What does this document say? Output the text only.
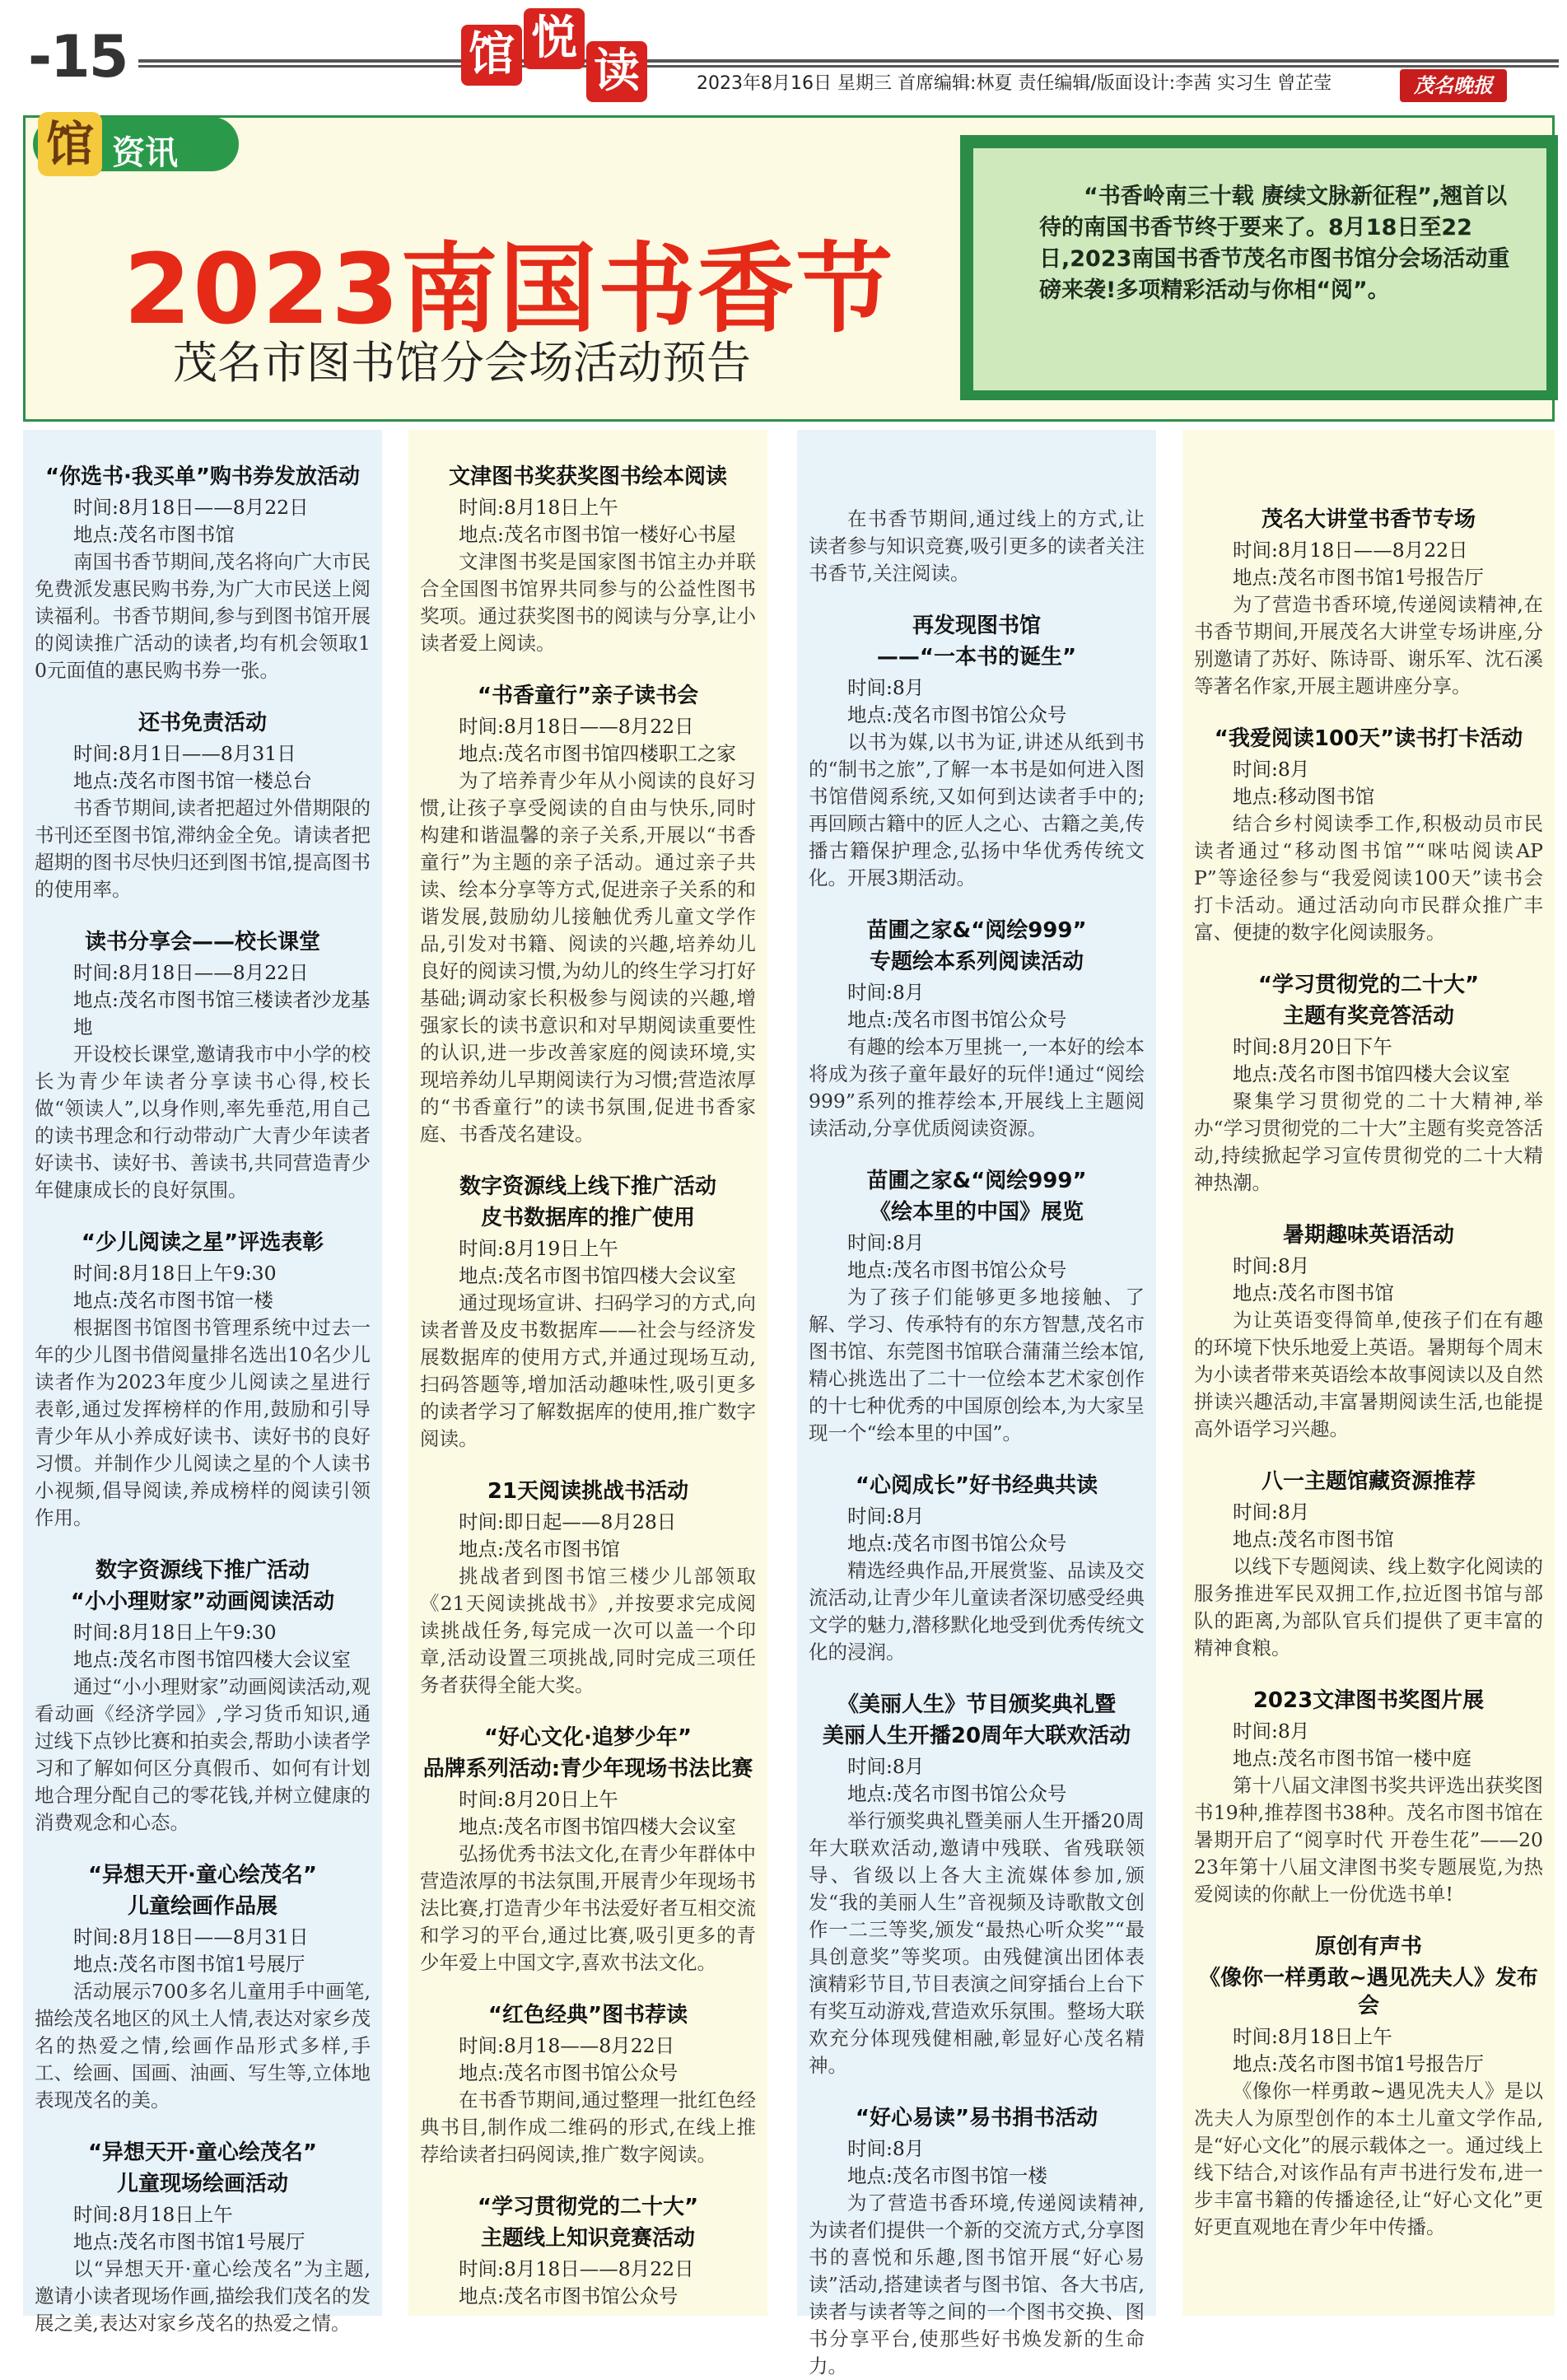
-15	馆 悦
读	2023年8月16日 星期三 首席编辑:林夏 责任编辑/版面设计:李茜 实习生 曾芷莹	茂名晚报
馆 资讯
2023南国书香节
茂名市图书馆分会场活动预告

“书香岭南三十载 赓续文脉新征程”,翘首以待的南国书香节终于要来了。8月18日至22日,2023南国书香节茂名市图书馆分会场活动重磅来袭!多项精彩活动与你相“阅”。

“你选书·我买单”购书券发放活动

时间:8月18日——8月22日

地点:茂名市图书馆

南国书香节期间,茂名将向广大市民免费派发惠民购书券,为广大市民送上阅读福利。书香节期间,参与到图书馆开展的阅读推广活动的读者,均有机会领取10元面值的惠民购书券一张。

还书免责活动

时间:8月1日——8月31日

地点:茂名市图书馆一楼总台

书香节期间,读者把超过外借期限的书刊还至图书馆,滞纳金全免。请读者把超期的图书尽快归还到图书馆,提高图书的使用率。

读书分享会——校长课堂

时间:8月18日——8月22日

地点:茂名市图书馆三楼读者沙龙基地

开设校长课堂,邀请我市中小学的校长为青少年读者分享读书心得,校长做“领读人”,以身作则,率先垂范,用自己的读书理念和行动带动广大青少年读者好读书、读好书、善读书,共同营造青少年健康成长的良好氛围。

“少儿阅读之星”评选表彰

时间:8月18日上午9:30

地点:茂名市图书馆一楼

根据图书馆图书管理系统中过去一年的少儿图书借阅量排名选出10名少儿读者作为2023年度少儿阅读之星进行表彰,通过发挥榜样的作用,鼓励和引导青少年从小养成好读书、读好书的良好习惯。并制作少儿阅读之星的个人读书小视频,倡导阅读,养成榜样的阅读引领作用。

数字资源线下推广活动
“小小理财家”动画阅读活动

时间:8月18日上午9:30

地点:茂名市图书馆四楼大会议室

通过“小小理财家”动画阅读活动,观看动画《经济学园》,学习货币知识,通过线下点钞比赛和拍卖会,帮助小读者学习和了解如何区分真假币、如何有计划地合理分配自己的零花钱,并树立健康的消费观念和心态。

“异想天开·童心绘茂名”
儿童绘画作品展

时间:8月18日——8月31日

地点:茂名市图书馆1号展厅

活动展示700多名儿童用手中画笔,描绘茂名地区的风土人情,表达对家乡茂名的热爱之情,绘画作品形式多样,手工、绘画、国画、油画、写生等,立体地表现茂名的美。

“异想天开·童心绘茂名”
儿童现场绘画活动

时间:8月18日上午

地点:茂名市图书馆1号展厅

以“异想天开·童心绘茂名”为主题,邀请小读者现场作画,描绘我们茂名的发展之美,表达对家乡茂名的热爱之情。

文津图书奖获奖图书绘本阅读

时间:8月18日上午

地点:茂名市图书馆一楼好心书屋

文津图书奖是国家图书馆主办并联合全国图书馆界共同参与的公益性图书奖项。通过获奖图书的阅读与分享,让小读者爱上阅读。

“书香童行”亲子读书会

时间:8月18日——8月22日

地点:茂名市图书馆四楼职工之家

为了培养青少年从小阅读的良好习惯,让孩子享受阅读的自由与快乐,同时构建和谐温馨的亲子关系,开展以“书香童行”为主题的亲子活动。通过亲子共读、绘本分享等方式,促进亲子关系的和谐发展,鼓励幼儿接触优秀儿童文学作品,引发对书籍、阅读的兴趣,培养幼儿良好的阅读习惯,为幼儿的终生学习打好基础;调动家长积极参与阅读的兴趣,增强家长的读书意识和对早期阅读重要性的认识,进一步改善家庭的阅读环境,实现培养幼儿早期阅读行为习惯;营造浓厚的“书香童行”的读书氛围,促进书香家庭、书香茂名建设。

数字资源线上线下推广活动
皮书数据库的推广使用

时间:8月19日上午

地点:茂名市图书馆四楼大会议室

通过现场宣讲、扫码学习的方式,向读者普及皮书数据库——社会与经济发展数据库的使用方式,并通过现场互动,扫码答题等,增加活动趣味性,吸引更多的读者学习了解数据库的使用,推广数字阅读。

21天阅读挑战书活动

时间:即日起——8月28日

地点:茂名市图书馆

挑战者到图书馆三楼少儿部领取《21天阅读挑战书》,并按要求完成阅读挑战任务,每完成一次可以盖一个印章,活动设置三项挑战,同时完成三项任务者获得全能大奖。

“好心文化·追梦少年”
品牌系列活动:青少年现场书法比赛

时间:8月20日上午

地点:茂名市图书馆四楼大会议室

弘扬优秀书法文化,在青少年群体中营造浓厚的书法氛围,开展青少年现场书法比赛,打造青少年书法爱好者互相交流和学习的平台,通过比赛,吸引更多的青少年爱上中国文字,喜欢书法文化。

“红色经典”图书荐读

时间:8月18——8月22日

地点:茂名市图书馆公众号

在书香节期间,通过整理一批红色经典书目,制作成二维码的形式,在线上推荐给读者扫码阅读,推广数字阅读。

“学习贯彻党的二十大”
主题线上知识竞赛活动

时间:8月18日——8月22日

地点:茂名市图书馆公众号

在书香节期间,通过线上的方式,让读者参与知识竞赛,吸引更多的读者关注书香节,关注阅读。

再发现图书馆
——“一本书的诞生”

时间:8月

地点:茂名市图书馆公众号

以书为媒,以书为证,讲述从纸到书的“制书之旅”,了解一本书是如何进入图书馆借阅系统,又如何到达读者手中的;再回顾古籍中的匠人之心、古籍之美,传播古籍保护理念,弘扬中华优秀传统文化。开展3期活动。

苗圃之家&“阅绘999”
专题绘本系列阅读活动

时间:8月

地点:茂名市图书馆公众号

有趣的绘本万里挑一,一本好的绘本将成为孩子童年最好的玩伴!通过“阅绘999”系列的推荐绘本,开展线上主题阅读活动,分享优质阅读资源。

苗圃之家&“阅绘999”
《绘本里的中国》展览

时间:8月

地点:茂名市图书馆公众号

为了孩子们能够更多地接触、了解、学习、传承特有的东方智慧,茂名市图书馆、东莞图书馆联合蒲蒲兰绘本馆,精心挑选出了二十一位绘本艺术家创作的十七种优秀的中国原创绘本,为大家呈现一个“绘本里的中国”。

“心阅成长”好书经典共读

时间:8月

地点:茂名市图书馆公众号

精选经典作品,开展赏鉴、品读及交流活动,让青少年儿童读者深切感受经典文学的魅力,潜移默化地受到优秀传统文化的浸润。

《美丽人生》节目颁奖典礼暨
美丽人生开播20周年大联欢活动

时间:8月

地点:茂名市图书馆公众号

举行颁奖典礼暨美丽人生开播20周年大联欢活动,邀请中残联、省残联领导、省级以上各大主流媒体参加,颁发“我的美丽人生”音视频及诗歌散文创作一二三等奖,颁发“最热心听众奖”“最具创意奖”等奖项。由残健演出团体表演精彩节目,节目表演之间穿插台上台下有奖互动游戏,营造欢乐氛围。整场大联欢充分体现残健相融,彰显好心茂名精神。

“好心易读”易书捐书活动

时间:8月

地点:茂名市图书馆一楼

为了营造书香环境,传递阅读精神,为读者们提供一个新的交流方式,分享图书的喜悦和乐趣,图书馆开展“好心易读”活动,搭建读者与图书馆、各大书店,读者与读者等之间的一个图书交换、图书分享平台,使那些好书焕发新的生命力。

茂名大讲堂书香节专场

时间:8月18日——8月22日

地点:茂名市图书馆1号报告厅

为了营造书香环境,传递阅读精神,在书香节期间,开展茂名大讲堂专场讲座,分别邀请了苏好、陈诗哥、谢乐军、沈石溪等著名作家,开展主题讲座分享。

“我爱阅读100天”读书打卡活动

时间:8月

地点:移动图书馆

结合乡村阅读季工作,积极动员市民读者通过“移动图书馆”“咪咕阅读APP”等途径参与“我爱阅读100天”读书会打卡活动。通过活动向市民群众推广丰富、便捷的数字化阅读服务。

“学习贯彻党的二十大”
主题有奖竞答活动

时间:8月20日下午

地点:茂名市图书馆四楼大会议室

聚集学习贯彻党的二十大精神,举办“学习贯彻党的二十大”主题有奖竞答活动,持续掀起学习宣传贯彻党的二十大精神热潮。

暑期趣味英语活动

时间:8月

地点:茂名市图书馆

为让英语变得简单,使孩子们在有趣的环境下快乐地爱上英语。暑期每个周末为小读者带来英语绘本故事阅读以及自然拼读兴趣活动,丰富暑期阅读生活,也能提高外语学习兴趣。

八一主题馆藏资源推荐

时间:8月

地点:茂名市图书馆

以线下专题阅读、线上数字化阅读的服务推进军民双拥工作,拉近图书馆与部队的距离,为部队官兵们提供了更丰富的精神食粮。

2023文津图书奖图片展

时间:8月

地点:茂名市图书馆一楼中庭

第十八届文津图书奖共评选出获奖图书19种,推荐图书38种。茂名市图书馆在暑期开启了“阅享时代 开卷生花”——2023年第十八届文津图书奖专题展览,为热爱阅读的你献上一份优选书单!

原创有声书
《像你一样勇敢~遇见冼夫人》发布会

时间:8月18日上午

地点:茂名市图书馆1号报告厅

《像你一样勇敢~遇见冼夫人》是以冼夫人为原型创作的本土儿童文学作品,是“好心文化”的展示载体之一。通过线上线下结合,对该作品有声书进行发布,进一步丰富书籍的传播途径,让“好心文化”更好更直观地在青少年中传播。
